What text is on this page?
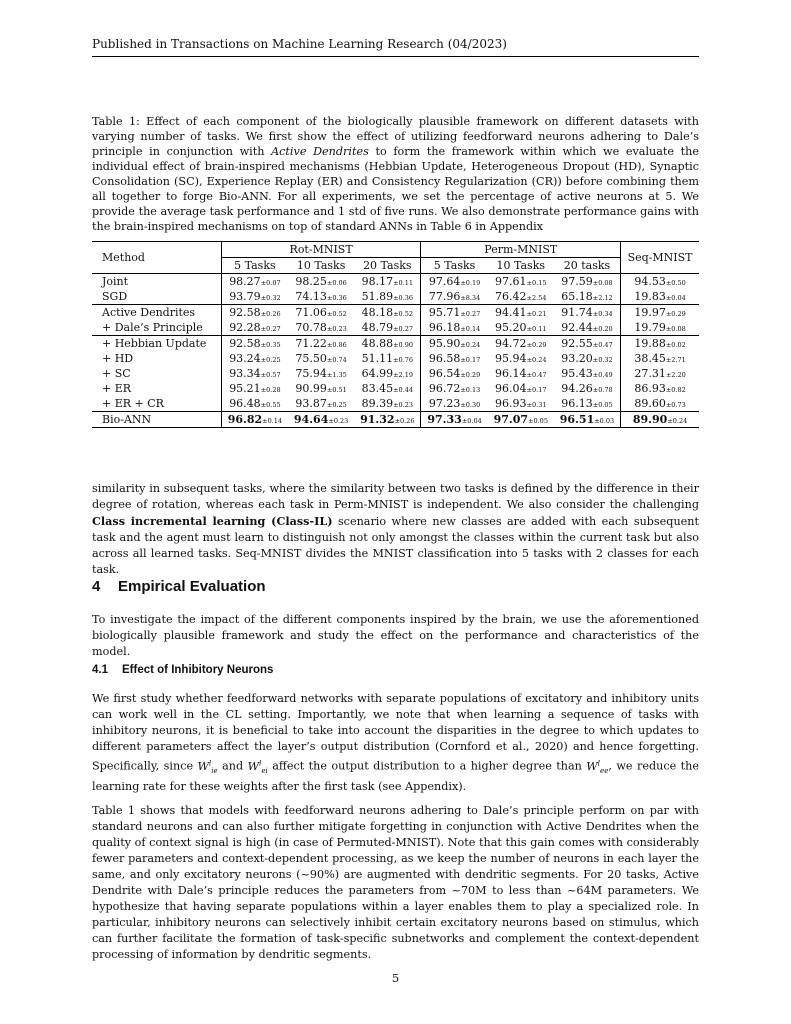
Published in Transactions on Machine Learning Research (04/2023)

Table 1: Effect of each component of the biologically plausible framework on different datasets with varying number of tasks. We first show the effect of utilizing feedforward neurons adhering to Dale’s principle in conjunction with Active Dendrites to form the framework within which we evaluate the individual effect of brain-inspired mechanisms (Hebbian Update, Heterogeneous Dropout (HD), Synaptic Consolidation (SC), Experience Replay (ER) and Consistency Regularization (CR)) before combining them all together to forge Bio-ANN. For all experiments, we set the percentage of active neurons at 5. We provide the average task performance and 1 std of five runs. We also demonstrate performance gains with the brain-inspired mechanisms on top of standard ANNs in Table 6 in Appendix

Method	Rot-MNIST			Perm-MNIST			Seq-MNIST
	5 Tasks	10 Tasks	20 Tasks	5 Tasks	10 Tasks	20 tasks	
Joint	98.27±0.07	98.25±0.06	98.17±0.11	97.64±0.19	97.61±0.15	97.59±0.08	94.53±0.50
SGD	93.79±0.32	74.13±0.36	51.89±0.36	77.96±8.34	76.42±2.54	65.18±2.12	19.83±0.04
Active Dendrites	92.58±0.26	71.06±0.52	48.18±0.52	95.71±0.27	94.41±0.21	91.74±0.34	19.97±0.29
+ Dale’s Principle	92.28±0.27	70.78±0.23	48.79±0.27	96.18±0.14	95.20±0.11	92.44±0.20	19.79±0.08
+ Hebbian Update	92.58±0.35	71.22±0.86	48.88±0.90	95.90±0.24	94.72±0.29	92.55±0.47	19.88±0.02
+ HD	93.24±0.25	75.50±0.74	51.11±0.76	96.58±0.17	95.94±0.24	93.20±0.32	38.45±2.71
+ SC	93.34±0.57	75.94±1.35	64.99±2.19	96.54±0.29	96.14±0.47	95.43±0.49	27.31±2.20
+ ER	95.21±0.28	90.99±0.51	83.45±0.44	96.72±0.13	96.04±0.17	94.26±0.78	86.93±0.82
+ ER + CR	96.48±0.55	93.87±0.25	89.39±0.23	97.23±0.30	96.93±0.31	96.13±0.05	89.60±0.73
Bio-ANN	96.82±0.14	94.64±0.23	91.32±0.26	97.33±0.04	97.07±0.05	96.51±0.03	89.90±0.24

similarity in subsequent tasks, where the similarity between two tasks is defined by the difference in their degree of rotation, whereas each task in Perm-MNIST is independent. We also consider the challenging Class incremental learning (Class-IL) scenario where new classes are added with each subsequent task and the agent must learn to distinguish not only amongst the classes within the current task but also across all learned tasks. Seq-MNIST divides the MNIST classification into 5 tasks with 2 classes for each task.

4 Empirical Evaluation

To investigate the impact of the different components inspired by the brain, we use the aforementioned biologically plausible framework and study the effect on the performance and characteristics of the model.

4.1 Effect of Inhibitory Neurons

We first study whether feedforward networks with separate populations of excitatory and inhibitory units can work well in the CL setting. Importantly, we note that when learning a sequence of tasks with inhibitory neurons, it is beneficial to take into account the disparities in the degree to which updates to different parameters affect the layer’s output distribution (Cornford et al., 2020) and hence forgetting. Specifically, since $W^l_{ie}$ and $W^l_{ei}$ affect the output distribution to a higher degree than $W^l_{ee}$, we reduce the learning rate for these weights after the first task (see Appendix).

Table 1 shows that models with feedforward neurons adhering to Dale’s principle perform on par with standard neurons and can also further mitigate forgetting in conjunction with Active Dendrites when the quality of context signal is high (in case of Permuted-MNIST). Note that this gain comes with considerably fewer parameters and context-dependent processing, as we keep the number of neurons in each layer the same, and only excitatory neurons (~90%) are augmented with dendritic segments. For 20 tasks, Active Dendrite with Dale’s principle reduces the parameters from ~70M to less than ~64M parameters. We hypothesize that having separate populations within a layer enables them to play a specialized role. In particular, inhibitory neurons can selectively inhibit certain excitatory neurons based on stimulus, which can further facilitate the formation of task-specific subnetworks and complement the context-dependent processing of information by dendritic segments.

5
